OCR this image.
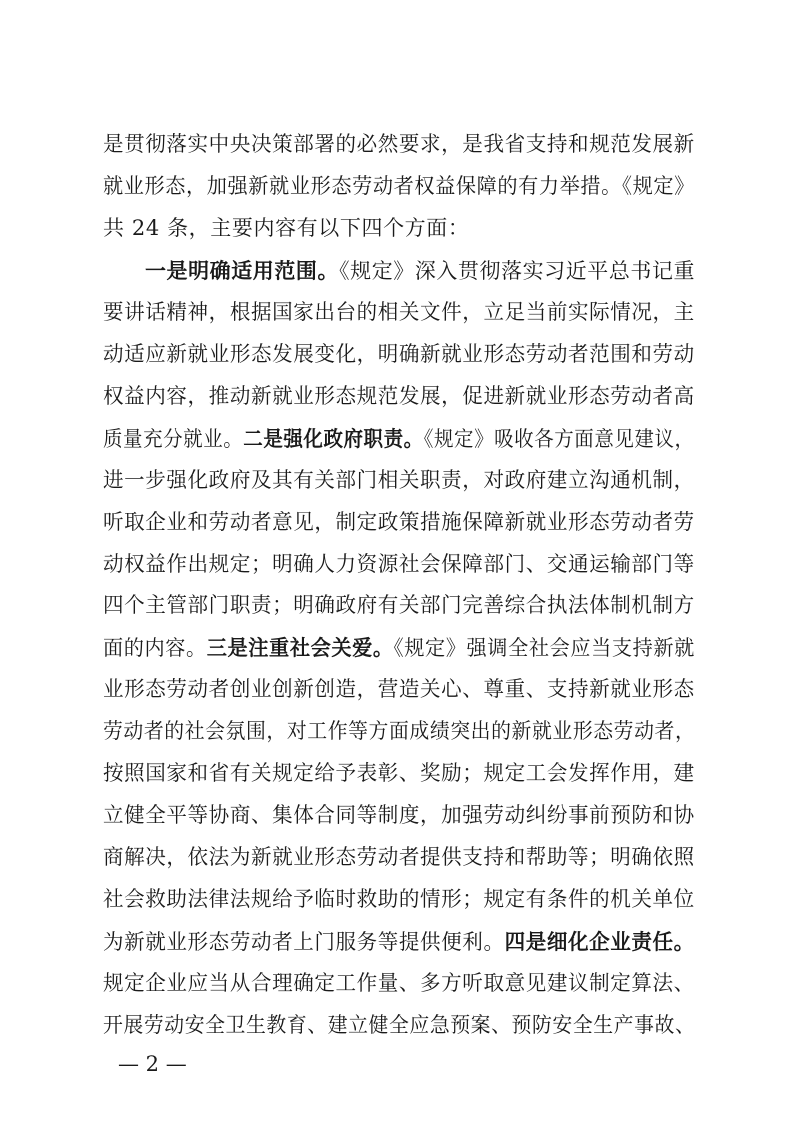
是贯彻落实中央决策部署的必然要求，是我省支持和规范发展新
就业形态，加强新就业形态劳动者权益保障的有力举措。《规定》
共 24 条，主要内容有以下四个方面：
一是明确适用范围。《规定》深入贯彻落实习近平总书记重
要讲话精神，根据国家出台的相关文件，立足当前实际情况，主
动适应新就业形态发展变化，明确新就业形态劳动者范围和劳动
权益内容，推动新就业形态规范发展，促进新就业形态劳动者高
质量充分就业。二是强化政府职责。《规定》吸收各方面意见建议，
进一步强化政府及其有关部门相关职责，对政府建立沟通机制，
听取企业和劳动者意见，制定政策措施保障新就业形态劳动者劳
动权益作出规定；明确人力资源社会保障部门、交通运输部门等
四个主管部门职责；明确政府有关部门完善综合执法体制机制方
面的内容。三是注重社会关爱。《规定》强调全社会应当支持新就
业形态劳动者创业创新创造，营造关心、尊重、支持新就业形态
劳动者的社会氛围，对工作等方面成绩突出的新就业形态劳动者，
按照国家和省有关规定给予表彰、奖励；规定工会发挥作用，建
立健全平等协商、集体合同等制度，加强劳动纠纷事前预防和协
商解决，依法为新就业形态劳动者提供支持和帮助等；明确依照
社会救助法律法规给予临时救助的情形；规定有条件的机关单位
为新就业形态劳动者上门服务等提供便利。四是细化企业责任。
规定企业应当从合理确定工作量、多方听取意见建议制定算法、
开展劳动安全卫生教育、建立健全应急预案、预防安全生产事故、
— 2 —
